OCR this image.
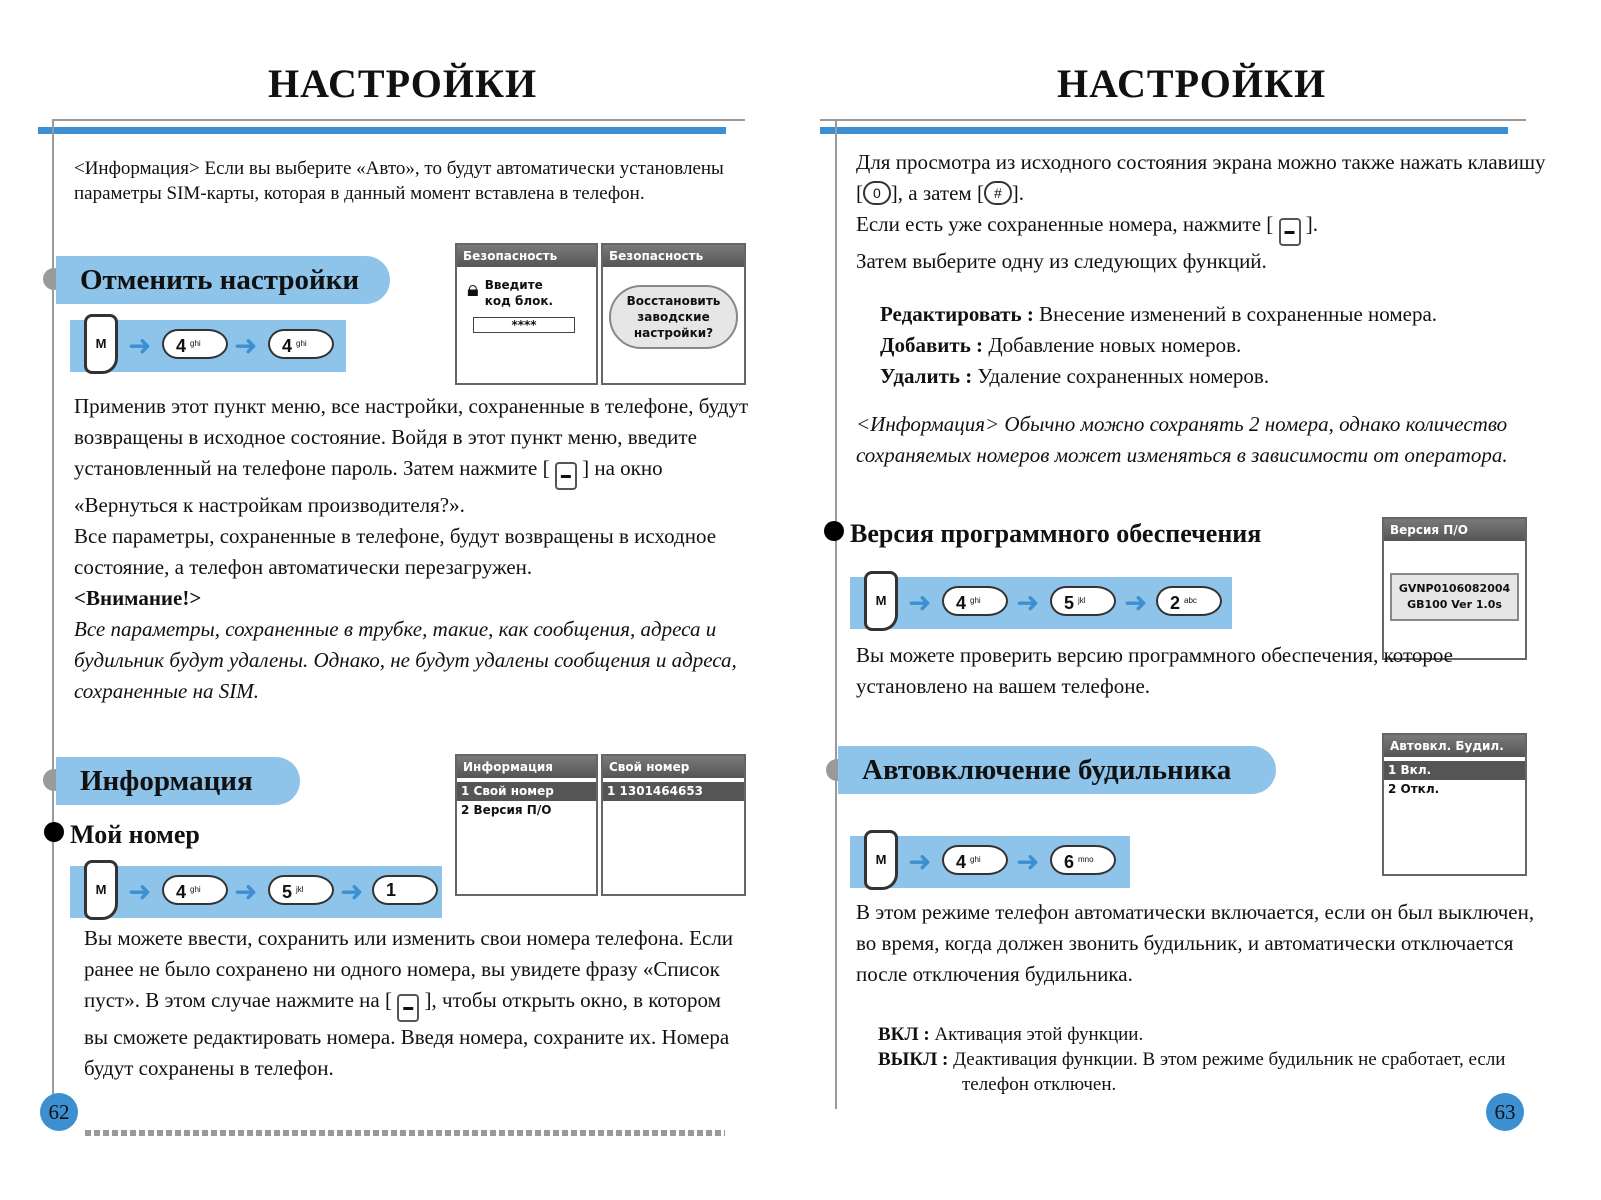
НАСТРОЙКИ
<Информация> Если вы выберите «Авто», то будут автоматически установлены параметры SIM-карты, которая в данный момент вставлена в телефон.
Отменить настройки
M ➜	4 $^{ghi}$	➜	4 $^{ghi}$
Безопасность
🔒︎ Введите
код блок.
****
Безопасность
Восстановить
заводские
настройки?

Применив этот пункт меню, все настройки, сохраненные в телефоне, будут возвращены в исходное состояние. Войдя в этот пункт меню, введите установленный на телефоне пароль. Затем нажмите [ ▬ ] на окно «Вернуться к настройкам производителя?».

Все параметры, сохраненные в телефоне, будут возвращены в исходное состояние, а телефон автоматически перезагружен.

<Внимание!>

Все параметры, сохраненные в трубке, такие, как сообщения, адреса и будильник будут удалены. Однако, не будут удалены сообщения и адреса, сохраненные на SIM.

Информация
Мой номер
M ➜	4 $^{ghi}$	➜	5 $^{jkl}$	➜	1
Информация
1 Свой номер
2 Версия П/О
Свой номер
1 1301464653

Вы можете ввести, сохранить или изменить свои номера телефона. Если ранее не было сохранено ни одного номера, вы увидете фразу «Список пуст». В этом случае нажмите на [ ▬ ], чтобы открыть окно, в котором вы сможете редактировать номера. Введя номера, сохраните их. Номера будут сохранены в телефон.

62
НАСТРОЙКИ

Для просмотра из исходного состояния экрана можно также нажать клавишу [ 0 ], а затем [ # ].

Если есть уже сохраненные номера, нажмите [ ▬ ].

Затем выберите одну из следующих функций.

Редактировать : Внесение изменений в сохраненные номера.

Добавить : Добавление новых номеров.

Удалить : Удаление сохраненных номеров.

<Информация> Обычно можно сохранять 2 номера, однако количество сохраняемых номеров может изменяться в зависимости от оператора.
Версия программного обеспечения
M ➜	4 $^{ghi}$	➜	5 $^{jkl}$	➜	2 $^{abc}$
Версия П/О
GVNP0106082004
GB100 Ver 1.0s
Вы можете проверить версию программного обеспечения, которое установлено на вашем телефоне.
Автовключение будильника
M ➜	4 $^{ghi}$	➜	6 $^{mno}$
Автовкл. Будил.
1 Вкл.
2 Откл.
В этом режиме телефон автоматически включается, если он был выключен, во время, когда должен звонить будильник, и автоматически отключается после отключения будильника.

ВКЛ : Активация этой функции.

ВЫКЛ : Деактивация функции. В этом режиме будильник не сработает, если телефон отключен.

63
